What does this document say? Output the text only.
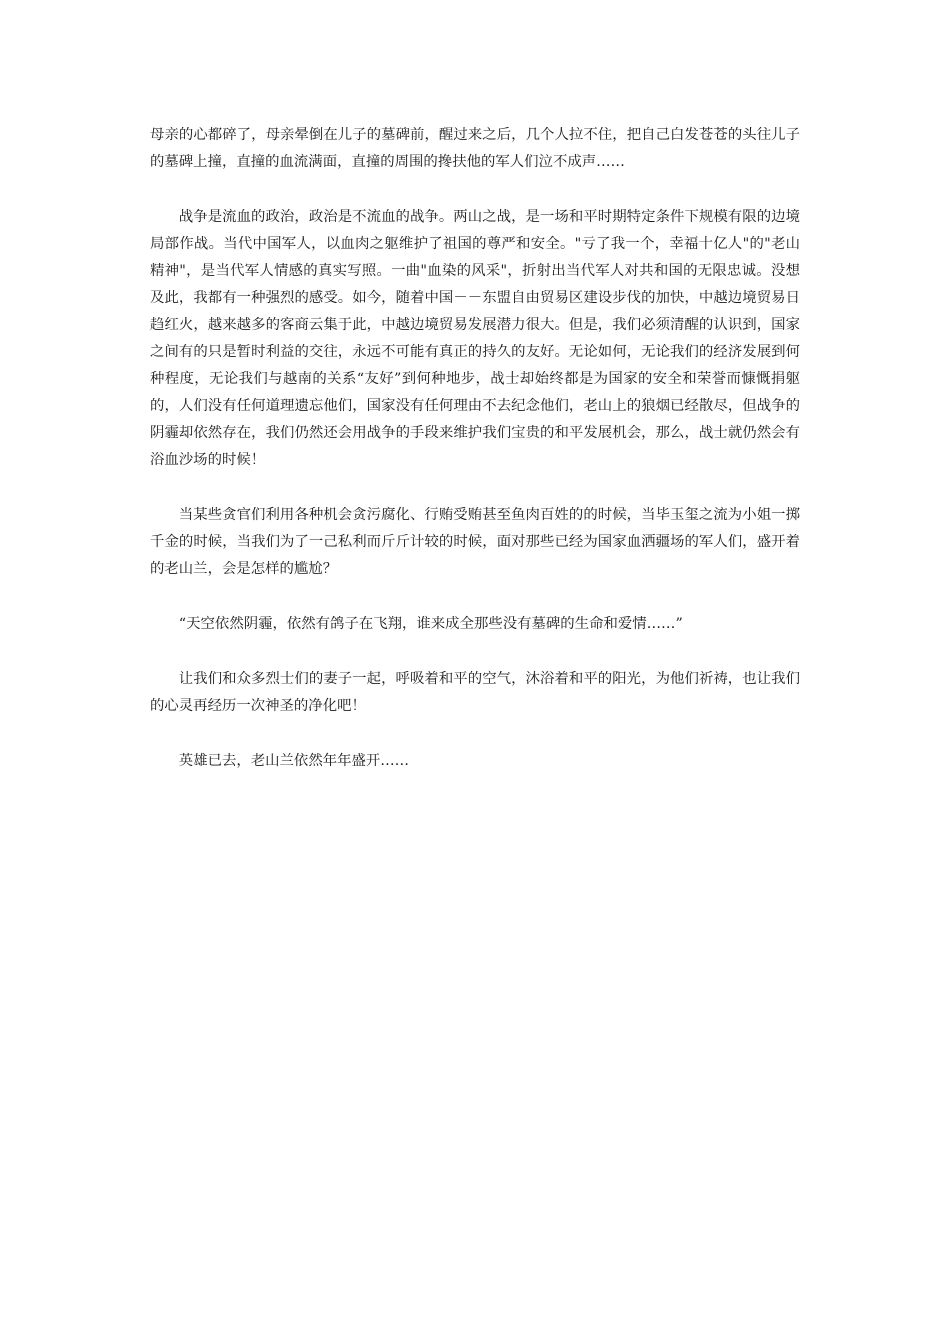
母亲的心都碎了，母亲晕倒在儿子的墓碑前，醒过来之后，几个人拉不住，把自己白发苍苍的头往儿子的墓碑上撞，直撞的血流满面，直撞的周围的搀扶他的军人们泣不成声……

战争是流血的政治，政治是不流血的战争。两山之战，是一场和平时期特定条件下规模有限的边境局部作战。当代中国军人，以血肉之躯维护了祖国的尊严和安全。"亏了我一个，幸福十亿人"的"老山精神"，是当代军人情感的真实写照。一曲"血染的风采"，折射出当代军人对共和国的无限忠诚。没想及此，我都有一种强烈的感受。如今，随着中国－－东盟自由贸易区建设步伐的加快，中越边境贸易日趋红火，越来越多的客商云集于此，中越边境贸易发展潜力很大。但是，我们必须清醒的认识到，国家之间有的只是暂时利益的交往，永远不可能有真正的持久的友好。无论如何，无论我们的经济发展到何种程度，无论我们与越南的关系“友好”到何种地步，战士却始终都是为国家的安全和荣誉而慷慨捐躯的，人们没有任何道理遗忘他们，国家没有任何理由不去纪念他们，老山上的狼烟已经散尽，但战争的阴霾却依然存在，我们仍然还会用战争的手段来维护我们宝贵的和平发展机会，那么，战士就仍然会有浴血沙场的时候！

当某些贪官们利用各种机会贪污腐化、行贿受贿甚至鱼肉百姓的的时候，当毕玉玺之流为小姐一掷千金的时候，当我们为了一己私利而斤斤计较的时候，面对那些已经为国家血洒疆场的军人们，盛开着的老山兰，会是怎样的尴尬？

“天空依然阴霾，依然有鸽子在飞翔，谁来成全那些没有墓碑的生命和爱情……”

让我们和众多烈士们的妻子一起，呼吸着和平的空气，沐浴着和平的阳光，为他们祈祷，也让我们的心灵再经历一次神圣的净化吧！

英雄已去，老山兰依然年年盛开……
